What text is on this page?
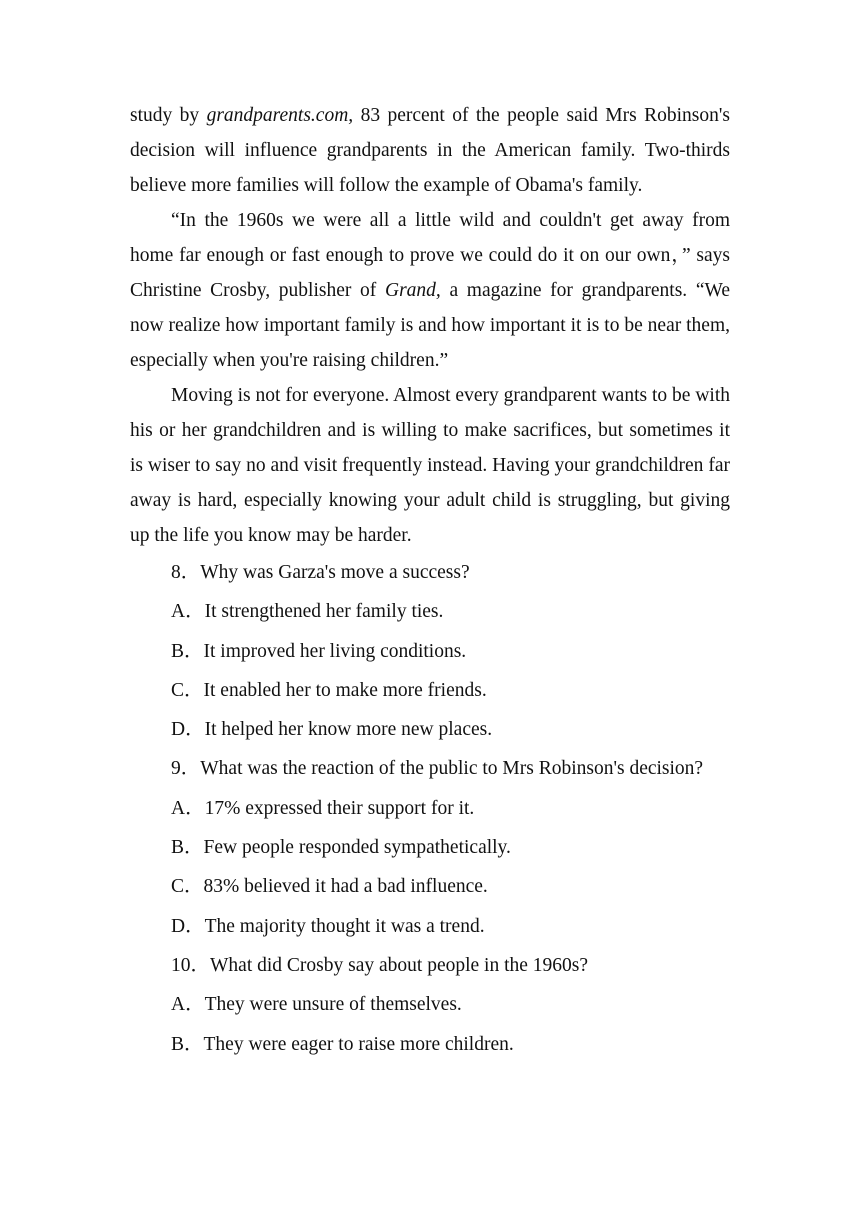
study by grandparents.com, 83 percent of the people said Mrs Robinson's decision will influence grandparents in the American family. Two-thirds believe more families will follow the example of Obama's family.

“In the 1960s we were all a little wild and couldn't get away from home far enough or fast enough to prove we could do it on our own，” says Christine Crosby, publisher of Grand, a magazine for grandparents. “We now realize how important family is and how important it is to be near them, especially when you're raising children.”

Moving is not for everyone. Almost every grandparent wants to be with his or her grandchildren and is willing to make sacrifices, but sometimes it is wiser to say no and visit frequently instead. Having your grandchildren far away is hard, especially knowing your adult child is struggling, but giving up the life you know may be harder.

8．Why was Garza's move a success?

A．It strengthened her family ties.

B．It improved her living conditions.

C．It enabled her to make more friends.

D．It helped her know more new places.

9．What was the reaction of the public to Mrs Robinson's decision?

A．17% expressed their support for it.

B．Few people responded sympathetically.

C．83% believed it had a bad influence.

D．The majority thought it was a trend.

10．What did Crosby say about people in the 1960s?

A．They were unsure of themselves.

B．They were eager to raise more children.
